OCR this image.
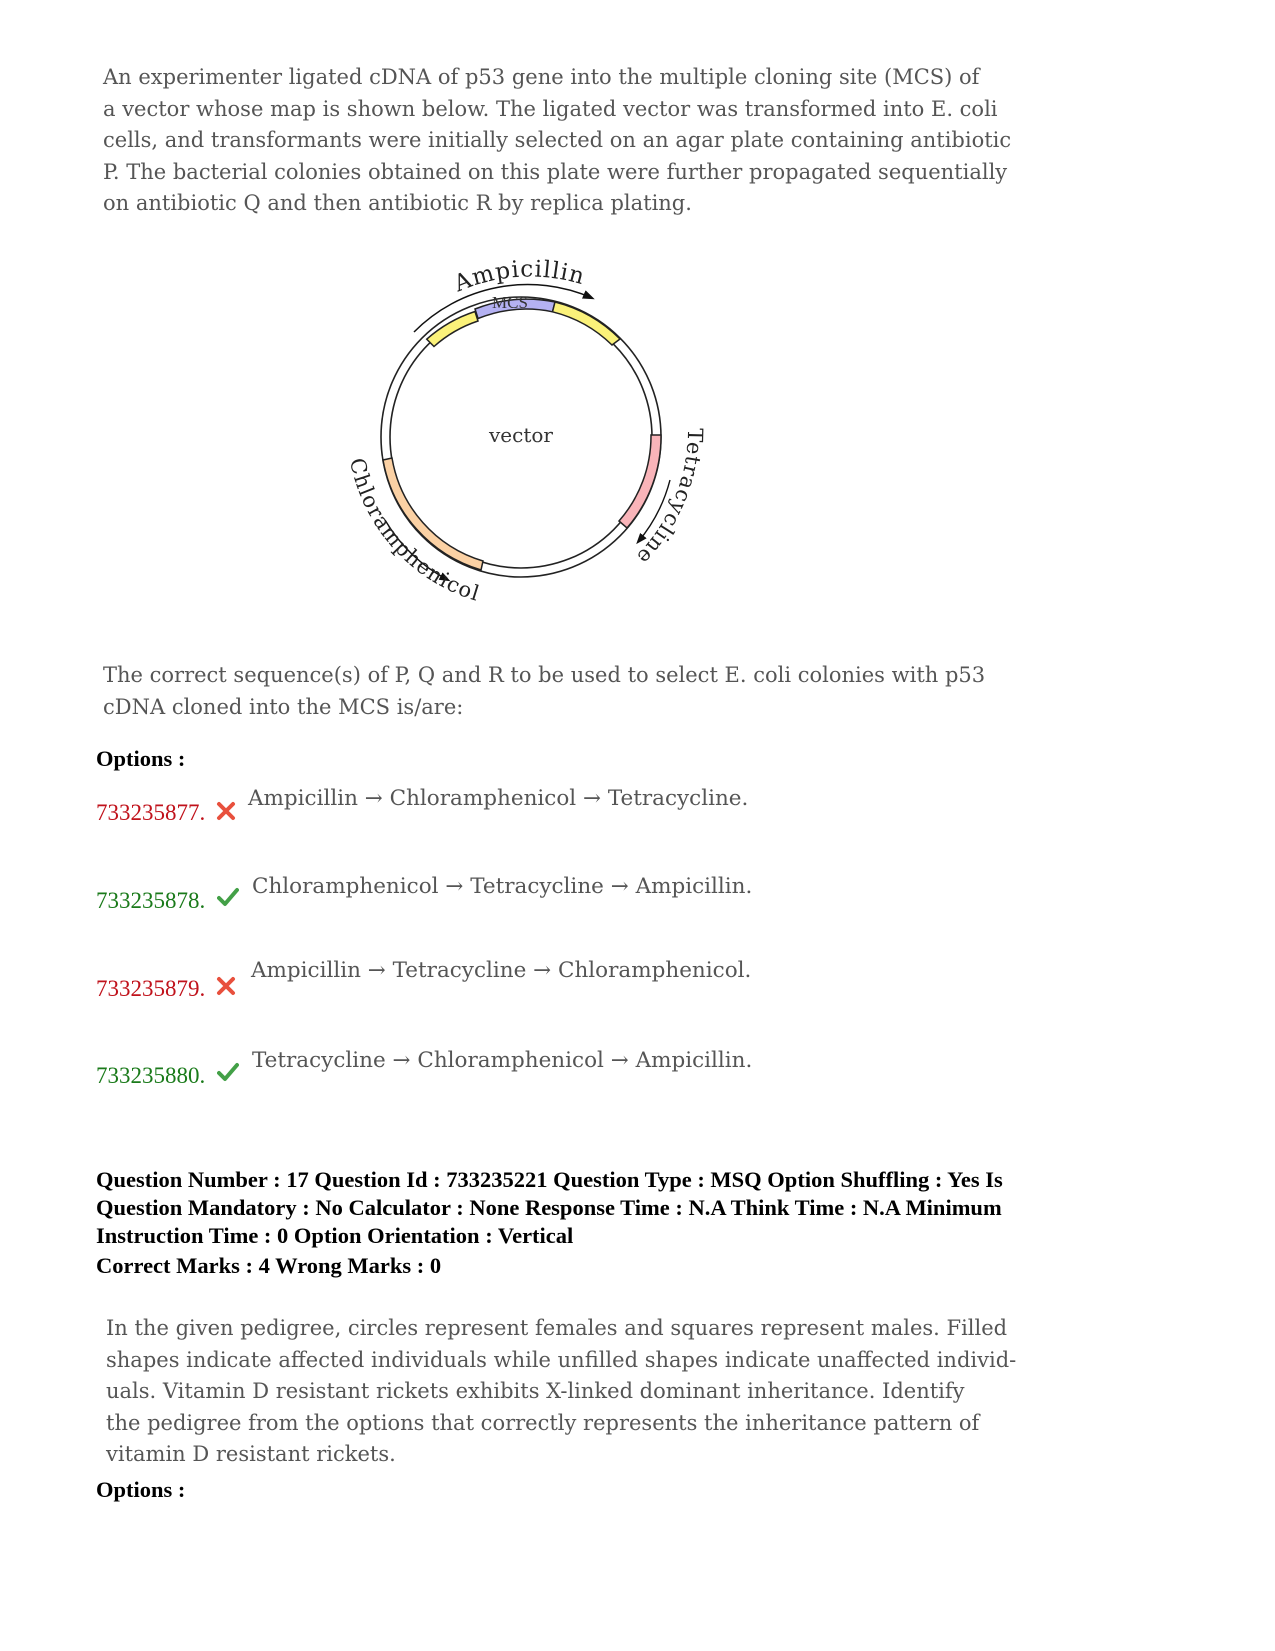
An experimenter ligated cDNA of p53 gene into the multiple cloning site (MCS) of
a vector whose map is shown below. The ligated vector was transformed into E. coli
cells, and transformants were initially selected on an agar plate containing antibiotic
P. The bacterial colonies obtained on this plate were further propagated sequentially
on antibiotic Q and then antibiotic R by replica plating.
Ampicillin
MCS
vector	Tetracycline
Chloramphenicol
The correct sequence(s) of P, Q and R to be used to select E. coli colonies with p53
cDNA cloned into the MCS is/are:
Options :
733235877.
Ampicillin → Chloramphenicol → Tetracycline.
733235878.
Chloramphenicol → Tetracycline → Ampicillin.
733235879.
Ampicillin → Tetracycline → Chloramphenicol.
733235880.
Tetracycline → Chloramphenicol → Ampicillin.
Question Number : 17 Question Id : 733235221 Question Type : MSQ Option Shuffling : Yes Is
Question Mandatory : No Calculator : None Response Time : N.A Think Time : N.A Minimum
Instruction Time : 0 Option Orientation : Vertical
Correct Marks : 4 Wrong Marks : 0
In the given pedigree, circles represent females and squares represent males. Filled
shapes indicate affected individuals while unfilled shapes indicate unaffected individ-
uals. Vitamin D resistant rickets exhibits X-linked dominant inheritance. Identify
the pedigree from the options that correctly represents the inheritance pattern of
vitamin D resistant rickets.
Options :
